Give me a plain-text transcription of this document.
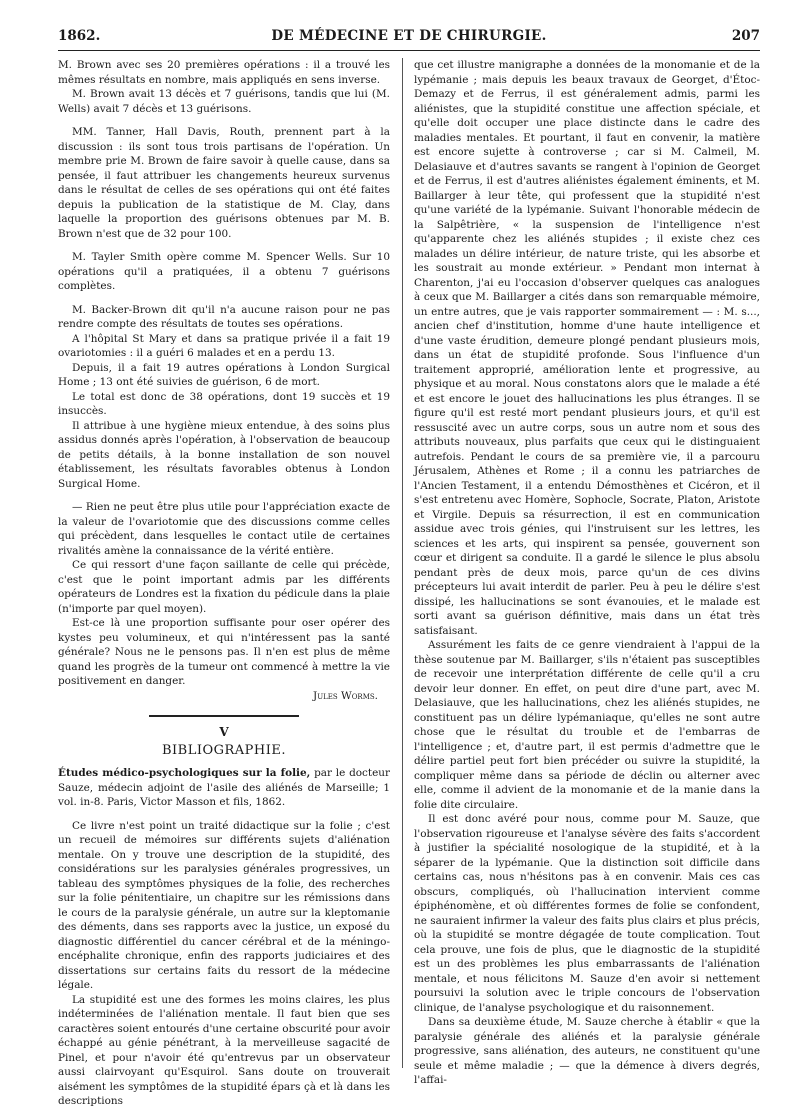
1862.	DE MÉDECINE ET DE CHIRURGIE.	207

M. Brown avec ses 20 premières opérations : il a trouvé les mêmes résultats en nombre, mais appliqués en sens inverse.

M. Brown avait 13 décès et 7 guérisons, tandis que lui (M. Wells) avait 7 décès et 13 guérisons.

MM. Tanner, Hall Davis, Routh, prennent part à la discussion : ils sont tous trois partisans de l'opération. Un membre prie M. Brown de faire savoir à quelle cause, dans sa pensée, il faut attribuer les changements heureux survenus dans le résultat de celles de ses opérations qui ont été faites depuis la publication de la statistique de M. Clay, dans laquelle la proportion des guérisons obtenues par M. B. Brown n'est que de 32 pour 100.

M. Tayler Smith opère comme M. Spencer Wells. Sur 10 opérations qu'il a pratiquées, il a obtenu 7 guérisons complètes.

M. Backer-Brown dit qu'il n'a aucune raison pour ne pas rendre compte des résultats de toutes ses opérations.

A l'hôpital St Mary et dans sa pratique privée il a fait 19 ovariotomies : il a guéri 6 malades et en a perdu 13.

Depuis, il a fait 19 autres opérations à London Surgical Home ; 13 ont été suivies de guérison, 6 de mort.

Le total est donc de 38 opérations, dont 19 succès et 19 insuccès.

Il attribue à une hygiène mieux entendue, à des soins plus assidus donnés après l'opération, à l'observation de beaucoup de petits détails, à la bonne installation de son nouvel établissement, les résultats favorables obtenus à London Surgical Home.

— Rien ne peut être plus utile pour l'appréciation exacte de la valeur de l'ovariotomie que des discussions comme celles qui précèdent, dans lesquelles le contact utile de certaines rivalités amène la connaissance de la vérité entière.

Ce qui ressort d'une façon saillante de celle qui précède, c'est que le point important admis par les différents opérateurs de Londres est la fixation du pédicule dans la plaie (n'importe par quel moyen).

Est-ce là une proportion suffisante pour oser opérer des kystes peu volumineux, et qui n'intéressent pas la santé générale? Nous ne le pensons pas. Il n'en est plus de même quand les progrès de la tumeur ont commencé à mettre la vie positivement en danger.

Jules Worms.
V
BIBLIOGRAPHIE.

Études médico-psychologiques sur la folie, par le docteur Sauze, médecin adjoint de l'asile des aliénés de Marseille; 1 vol. in-8. Paris, Victor Masson et fils, 1862.

Ce livre n'est point un traité didactique sur la folie ; c'est un recueil de mémoires sur différents sujets d'aliénation mentale. On y trouve une description de la stupidité, des considérations sur les paralysies générales progressives, un tableau des symptômes physiques de la folie, des recherches sur la folie pénitentiaire, un chapitre sur les rémissions dans le cours de la paralysie générale, un autre sur la kleptomanie des déments, dans ses rapports avec la justice, un exposé du diagnostic différentiel du cancer cérébral et de la méningo-encéphalite chronique, enfin des rapports judiciaires et des dissertations sur certains faits du ressort de la médecine légale.

La stupidité est une des formes les moins claires, les plus indéterminées de l'aliénation mentale. Il faut bien que ses caractères soient entourés d'une certaine obscurité pour avoir échappé au génie pénétrant, à la merveilleuse sagacité de Pinel, et pour n'avoir été qu'entrevus par un observateur aussi clairvoyant qu'Esquirol. Sans doute on trouverait aisément les symptômes de la stupidité épars çà et là dans les descriptions

que cet illustre manigraphe a données de la monomanie et de la lypémanie ; mais depuis les beaux travaux de Georget, d'Étoc-Demazy et de Ferrus, il est généralement admis, parmi les aliénistes, que la stupidité constitue une affection spéciale, et qu'elle doit occuper une place distincte dans le cadre des maladies mentales. Et pourtant, il faut en convenir, la matière est encore sujette à controverse ; car si M. Calmeil, M. Delasiauve et d'autres savants se rangent à l'opinion de Georget et de Ferrus, il est d'autres aliénistes également éminents, et M. Baillarger à leur tête, qui professent que la stupidité n'est qu'une variété de la lypémanie. Suivant l'honorable médecin de la Salpêtrière, « la suspension de l'intelligence n'est qu'apparente chez les aliénés stupides ; il existe chez ces malades un délire intérieur, de nature triste, qui les absorbe et les soustrait au monde extérieur. » Pendant mon internat à Charenton, j'ai eu l'occasion d'observer quelques cas analogues à ceux que M. Baillarger a cités dans son remarquable mémoire, un entre autres, que je vais rapporter sommairement — : M. s..., ancien chef d'institution, homme d'une haute intelligence et d'une vaste érudition, demeure plongé pendant plusieurs mois, dans un état de stupidité profonde. Sous l'influence d'un traitement approprié, amélioration lente et progressive, au physique et au moral. Nous constatons alors que le malade a été et est encore le jouet des hallucinations les plus étranges. Il se figure qu'il est resté mort pendant plusieurs jours, et qu'il est ressuscité avec un autre corps, sous un autre nom et sous des attributs nouveaux, plus parfaits que ceux qui le distinguaient autrefois. Pendant le cours de sa première vie, il a parcouru Jérusalem, Athènes et Rome ; il a connu les patriarches de l'Ancien Testament, il a entendu Démosthènes et Cicéron, et il s'est entretenu avec Homère, Sophocle, Socrate, Platon, Aristote et Virgile. Depuis sa résurrection, il est en communication assidue avec trois génies, qui l'instruisent sur les lettres, les sciences et les arts, qui inspirent sa pensée, gouvernent son cœur et dirigent sa conduite. Il a gardé le silence le plus absolu pendant près de deux mois, parce qu'un de ces divins précepteurs lui avait interdit de parler. Peu à peu le délire s'est dissipé, les hallucinations se sont évanouies, et le malade est sorti avant sa guérison définitive, mais dans un état très satisfaisant.

Assurément les faits de ce genre viendraient à l'appui de la thèse soutenue par M. Baillarger, s'ils n'étaient pas susceptibles de recevoir une interprétation différente de celle qu'il a cru devoir leur donner. En effet, on peut dire d'une part, avec M. Delasiauve, que les hallucinations, chez les aliénés stupides, ne constituent pas un délire lypémaniaque, qu'elles ne sont autre chose que le résultat du trouble et de l'embarras de l'intelligence ; et, d'autre part, il est permis d'admettre que le délire partiel peut fort bien précéder ou suivre la stupidité, la compliquer même dans sa période de déclin ou alterner avec elle, comme il advient de la monomanie et de la manie dans la folie dite circulaire.

Il est donc avéré pour nous, comme pour M. Sauze, que l'observation rigoureuse et l'analyse sévère des faits s'accordent à justifier la spécialité nosologique de la stupidité, et à la séparer de la lypémanie. Que la distinction soit difficile dans certains cas, nous n'hésitons pas à en convenir. Mais ces cas obscurs, compliqués, où l'hallucination intervient comme épiphénomène, et où différentes formes de folie se confondent, ne sauraient infirmer la valeur des faits plus clairs et plus précis, où la stupidité se montre dégagée de toute complication. Tout cela prouve, une fois de plus, que le diagnostic de la stupidité est un des problèmes les plus embarrassants de l'aliénation mentale, et nous félicitons M. Sauze d'en avoir si nettement poursuivi la solution avec le triple concours de l'observation clinique, de l'analyse psychologique et du raisonnement.

Dans sa deuxième étude, M. Sauze cherche à établir « que la paralysie générale des aliénés et la paralysie générale progressive, sans aliénation, des auteurs, ne constituent qu'une seule et même maladie ; — que la démence à divers degrés, l'affai-
